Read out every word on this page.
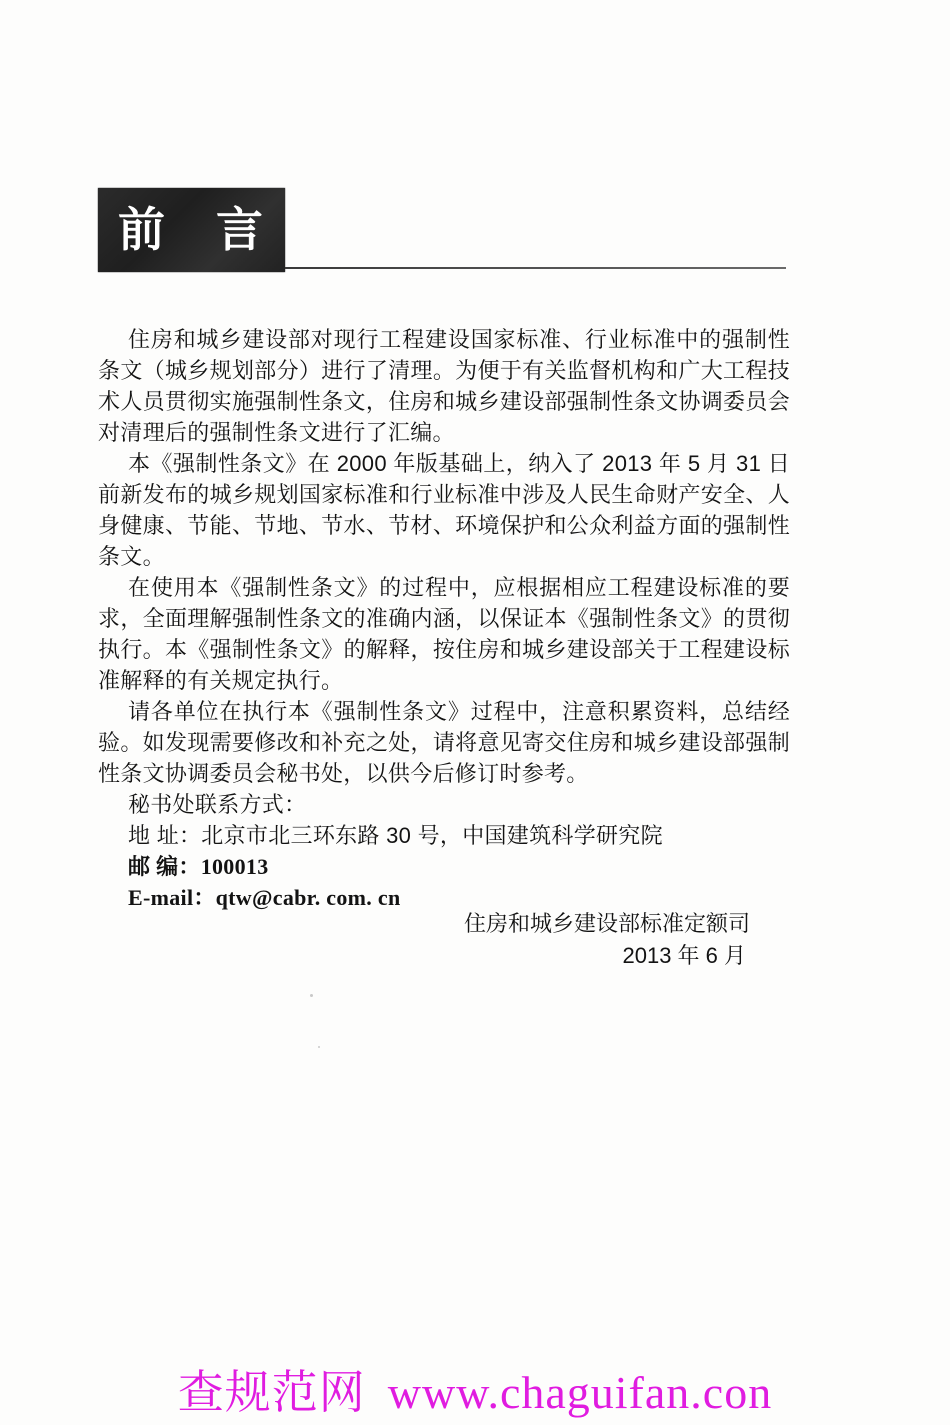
前　言

住房和城乡建设部对现行工程建设国家标准、行业标准中的强制性条文（城乡规划部分）进行了清理。为便于有关监督机构和广大工程技术人员贯彻实施强制性条文，住房和城乡建设部强制性条文协调委员会对清理后的强制性条文进行了汇编。

本《强制性条文》在 2000 年版基础上，纳入了 2013 年 5 月 31 日前新发布的城乡规划国家标准和行业标准中涉及人民生命财产安全、人身健康、节能、节地、节水、节材、环境保护和公众利益方面的强制性条文。

在使用本《强制性条文》的过程中，应根据相应工程建设标准的要求，全面理解强制性条文的准确内涵，以保证本《强制性条文》的贯彻执行。本《强制性条文》的解释，按住房和城乡建设部关于工程建设标准解释的有关规定执行。

请各单位在执行本《强制性条文》过程中，注意积累资料，总结经验。如发现需要修改和补充之处，请将意见寄交住房和城乡建设部强制性条文协调委员会秘书处，以供今后修订时参考。

秘书处联系方式：

地 址：北京市北三环东路 30 号，中国建筑科学研究院

邮 编：100013

E-mail：qtw@cabr. com. cn

住房和城乡建设部标准定额司
2013 年 6 月
查规范网 www.chaguifan.con
